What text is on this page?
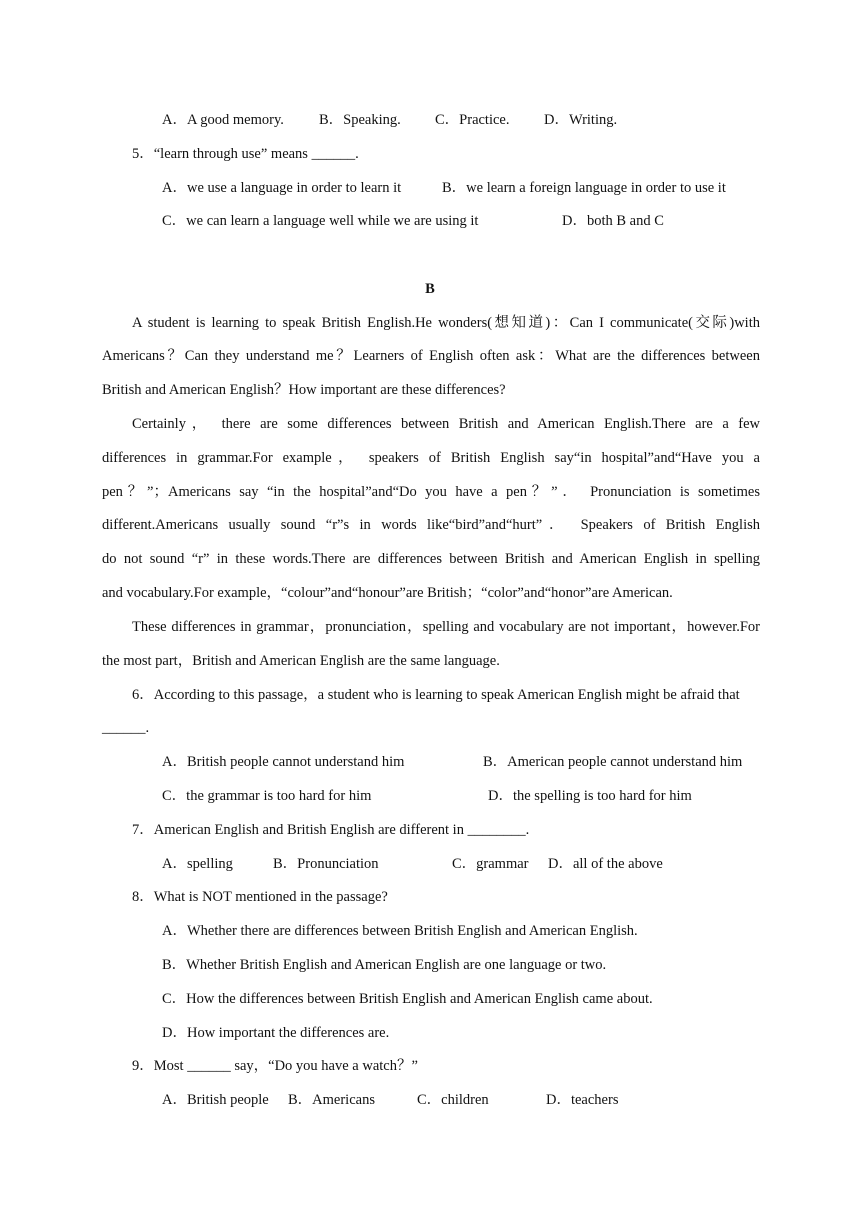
A．A good memory. B．Speaking. C．Practice. D．Writing.
5．“learn through use” means ______.
A．we use a language in order to learn it	B．we learn a foreign language in order to use it
C．we can learn a language well while we are using it	D．both B and C
B
A student is learning to speak British English.He wonders(想知道)：Can I communicate(交际)with
Americans？Can they understand me？Learners of English often ask：What are the differences between
British and American English？How important are these differences?
Certainly， there are some differences between British and American English.There are a few
differences in grammar.For example， speakers of British English say“in hospital”and“Have you a
pen？”；Americans say “in the hospital”and“Do you have a pen？”． Pronunciation is sometimes
different.Americans usually sound “r”s in words like“bird”and“hurt”． Speakers of British English
do not sound “r” in these words.There are differences between British and American English in spelling
and vocabulary.For example，“colour”and“honour”are British；“color”and“honor”are American.
These differences in grammar，pronunciation，spelling and vocabulary are not important，however.For
the most part，British and American English are the same language.
6．According to this passage，a student who is learning to speak American English might be afraid that
______.
A．British people cannot understand him	B．American people cannot understand him
C．the grammar is too hard for him	D．the spelling is too hard for him
7．American English and British English are different in ________.
A．spelling	B．Pronunciation	C．grammar D．all of the above
8．What is NOT mentioned in the passage?
A．Whether there are differences between British English and American English.
B．Whether British English and American English are one language or two.
C．How the differences between British English and American English came about.
D．How important the differences are.
9．Most ______ say，“Do you have a watch？”
A．British people B．Americans	C．children	D．teachers
